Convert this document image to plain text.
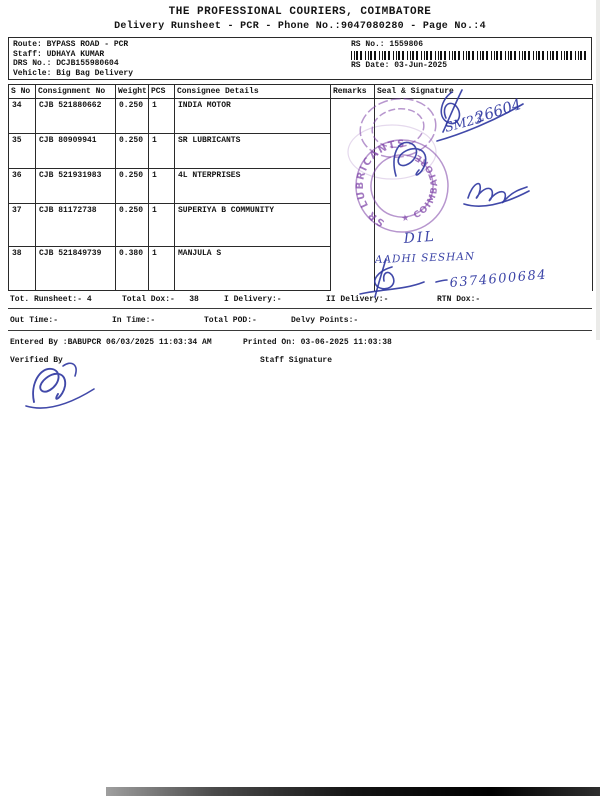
THE PROFESSIONAL COURIERS, COIMBATORE
Delivery Runsheet - PCR - Phone No.:9047080280 - Page No.:4
Route: BYPASS ROAD - PCR
Staff: UDHAYA KUMAR
DRS No.: DCJB155980604
Vehicle: Big Bag Delivery
RS No.: 1559806
RS Date: 03-Jun-2025
S No	Consignment No	Weight	PCS	Consignee Details	Remarks	Seal & Signature
34	CJB 521880662	0.250	1	INDIA MOTOR		
35	CJB 80909941	0.250	1	SR LUBRICANTS		
36	CJB 521931983	0.250	1	4L NTERPRISES		
37	CJB 81172738	0.250	1	SUPERIYA B COMMUNITY		
38	CJB 521849739	0.380	1	MANJULA S		
Tot. Runsheet:- 4	Total Dox:-   38	I Delivery:-	II Delivery:-	RTN Dox:-
Out Time:-	In Time:-	Total POD:-	Delvy Points:-
Entered By :BABUPCR 06/03/2025 11:03:34 AM	Printed On: 03-06-2025 11:03:38
Verified By	Staff Signature
SR LUBRICANTS
★ COIMBATORE ★
SM23
26604
DIL
AADHI SESHAN
6374600684
